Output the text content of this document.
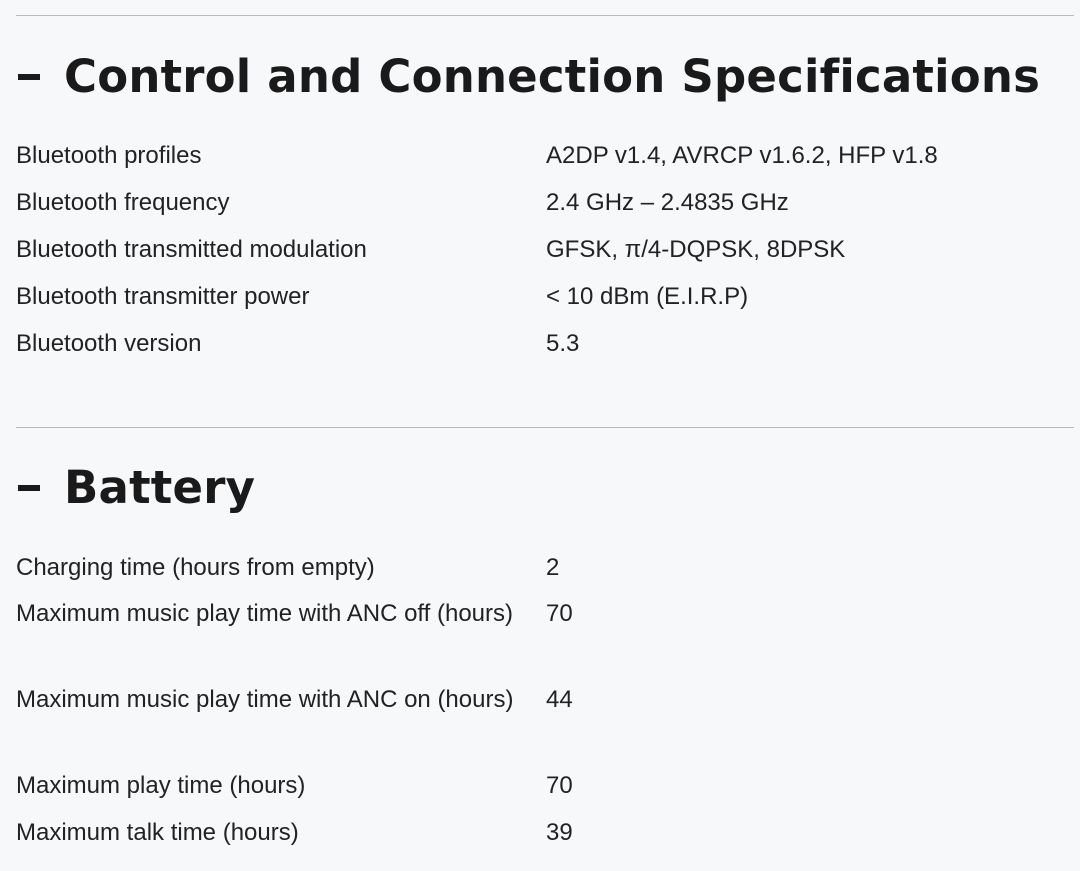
Control and Connection Specifications
Bluetooth profiles	A2DP v1.4, AVRCP v1.6.2, HFP v1.8
Bluetooth frequency	2.4 GHz – 2.4835 GHz
Bluetooth transmitted modulation	GFSK, π/4-DQPSK, 8DPSK
Bluetooth transmitter power	< 10 dBm (E.I.R.P)
Bluetooth version	5.3
Battery
Charging time (hours from empty)	2
Maximum music play time with ANC off (hours)	70
Maximum music play time with ANC on (hours)	44
Maximum play time (hours)	70
Maximum talk time (hours)	39
